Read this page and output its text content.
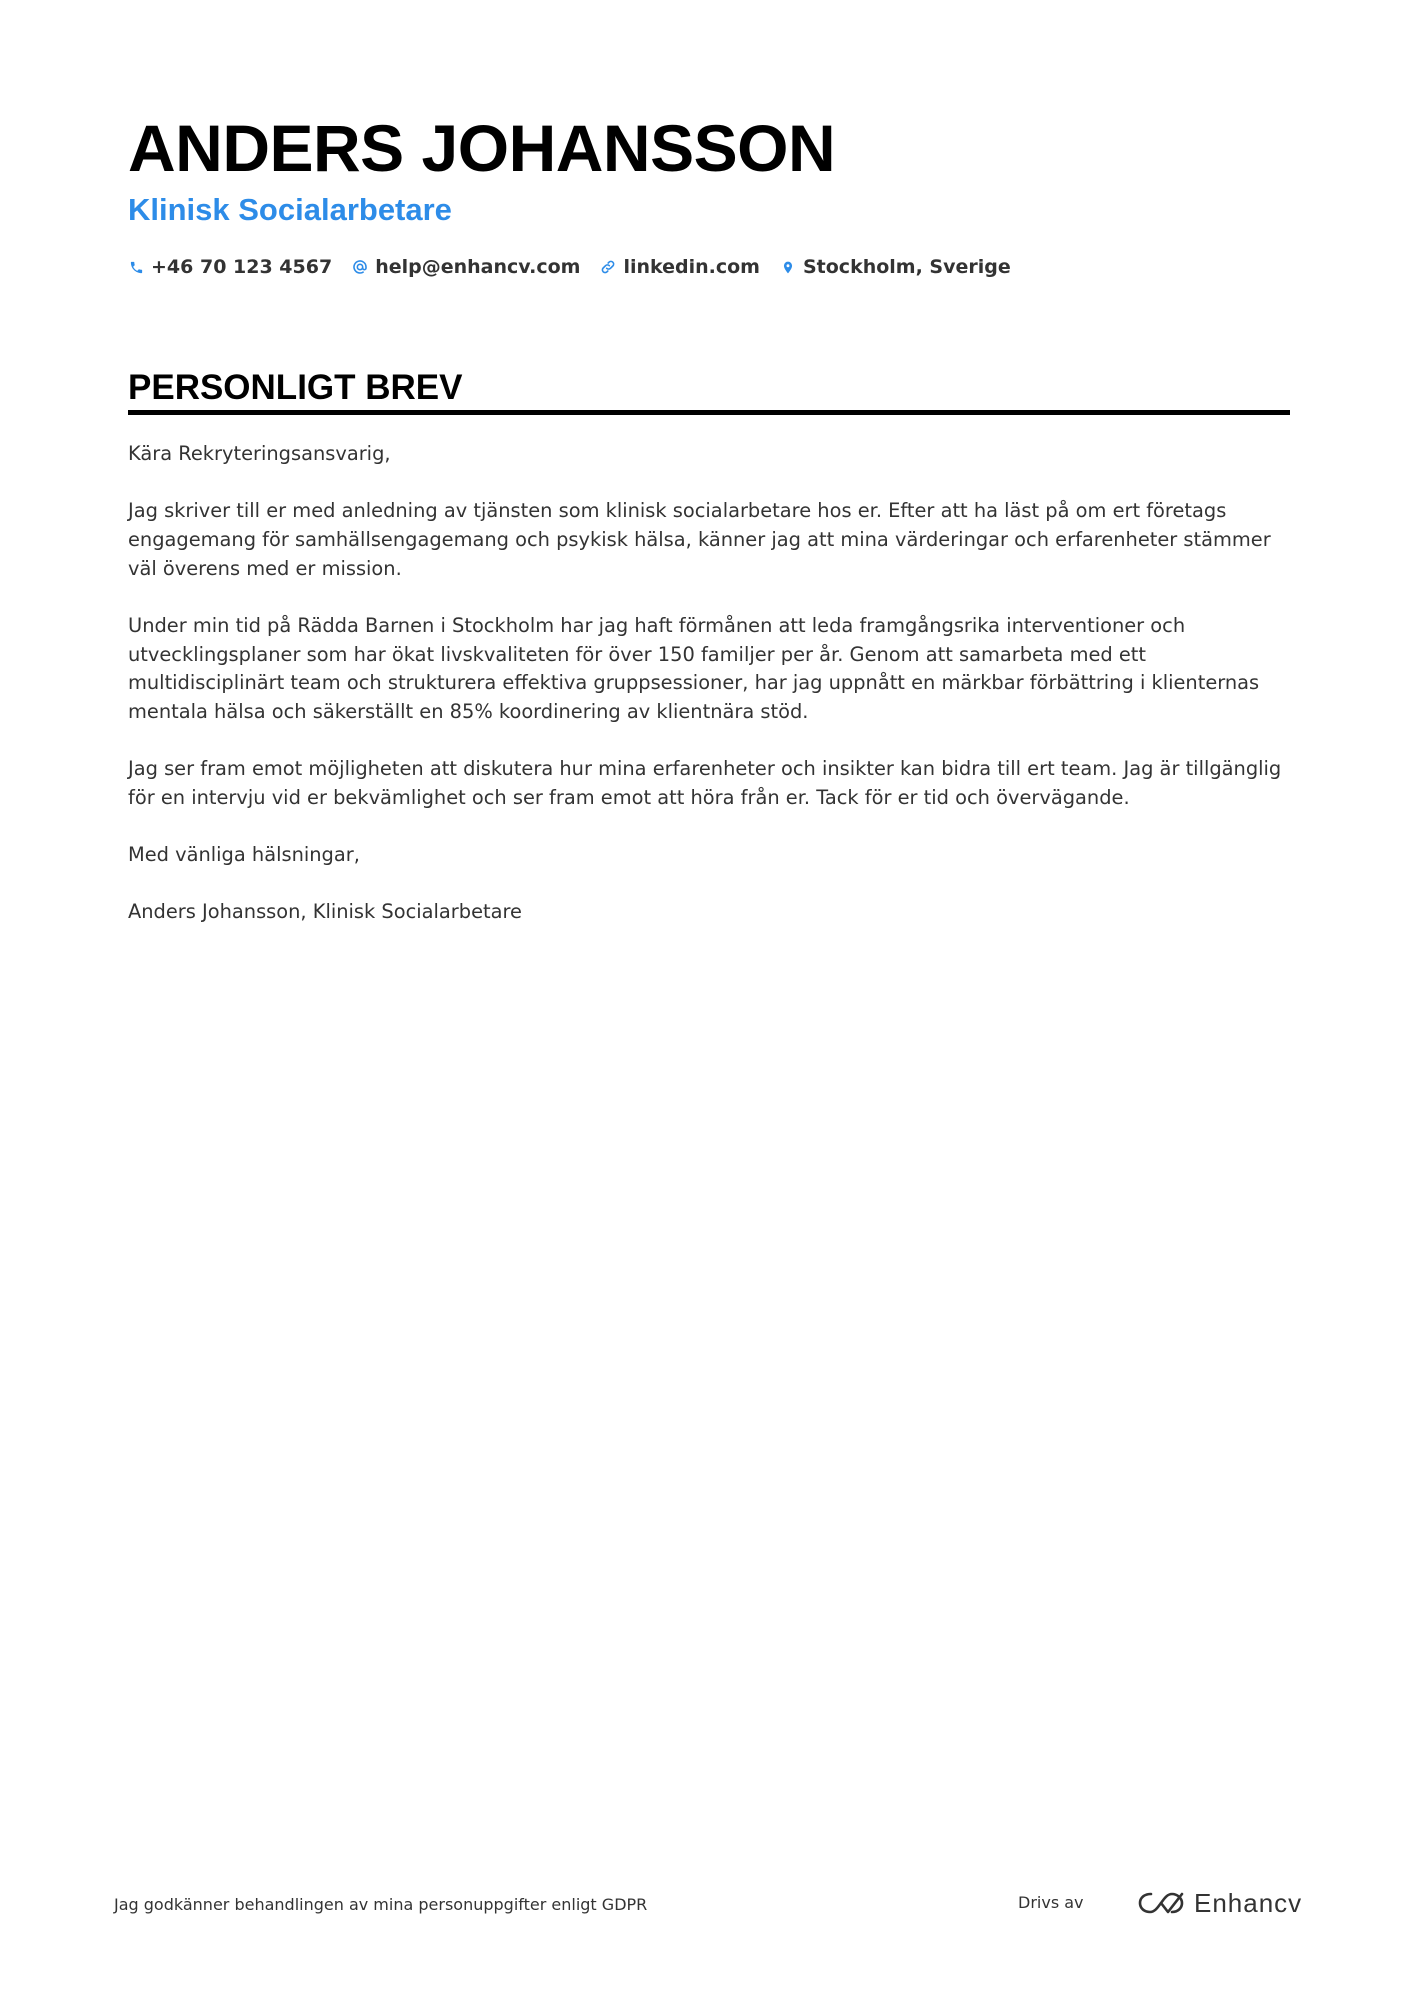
ANDERS JOHANSSON
Klinisk Socialarbetare
+46 70 123 4567 help@enhancv.com linkedin.com Stockholm, Sverige
PERSONLIGT BREV

Kära Rekryteringsansvarig,

Jag skriver till er med anledning av tjänsten som klinisk socialarbetare hos er. Efter att ha läst på om ert företags engagemang för samhällsengagemang och psykisk hälsa, känner jag att mina värderingar och erfarenheter stämmer väl överens med er mission.

Under min tid på Rädda Barnen i Stockholm har jag haft förmånen att leda framgångsrika interventioner och utvecklingsplaner som har ökat livskvaliteten för över 150 familjer per år. Genom att samarbeta med ett multidisciplinärt team och strukturera effektiva gruppsessioner, har jag uppnått en märkbar förbättring i klienternas mentala hälsa och säkerställt en 85% koordinering av klientnära stöd.

Jag ser fram emot möjligheten att diskutera hur mina erfarenheter och insikter kan bidra till ert team. Jag är tillgänglig för en intervju vid er bekvämlighet och ser fram emot att höra från er. Tack för er tid och övervägande.

Med vänliga hälsningar,

Anders Johansson, Klinisk Socialarbetare

Jag godkänner behandlingen av mina personuppgifter enligt GDPR	Drivs av	Enhancv
